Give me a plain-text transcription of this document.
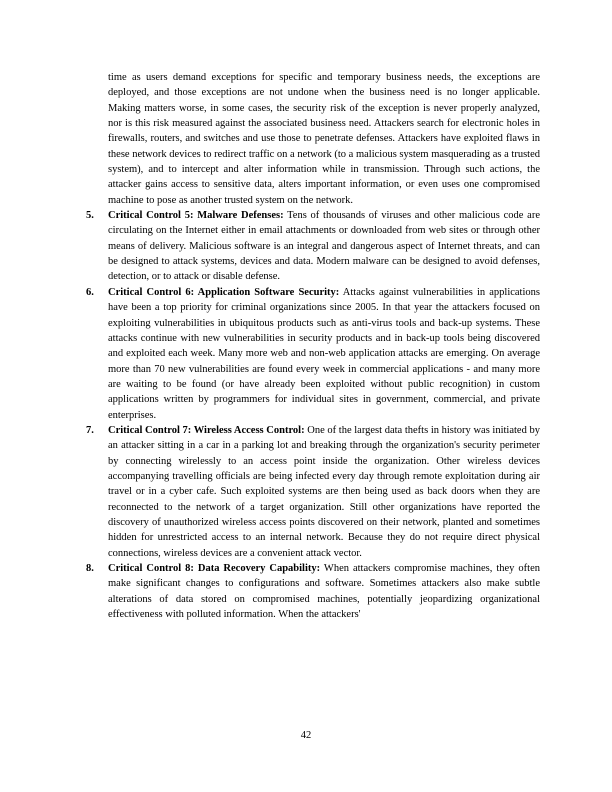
time as users demand exceptions for specific and temporary business needs, the exceptions are deployed, and those exceptions are not undone when the business need is no longer applicable. Making matters worse, in some cases, the security risk of the exception is never properly analyzed, nor is this risk measured against the associated business need. Attackers search for electronic holes in firewalls, routers, and switches and use those to penetrate defenses. Attackers have exploited flaws in these network devices to redirect traffic on a network (to a malicious system masquerading as a trusted system), and to intercept and alter information while in transmission. Through such actions, the attacker gains access to sensitive data, alters important information, or even uses one compromised machine to pose as another trusted system on the network.

5. Critical Control 5: Malware Defenses: Tens of thousands of viruses and other malicious code are circulating on the Internet either in email attachments or downloaded from web sites or through other means of delivery. Malicious software is an integral and dangerous aspect of Internet threats, and can be designed to attack systems, devices and data. Modern malware can be designed to avoid defenses, detection, or to attack or disable defense.
6. Critical Control 6: Application Software Security: Attacks against vulnerabilities in applications have been a top priority for criminal organizations since 2005. In that year the attackers focused on exploiting vulnerabilities in ubiquitous products such as anti-virus tools and back-up systems. These attacks continue with new vulnerabilities in security products and in back-up tools being discovered and exploited each week. Many more web and non-web application attacks are emerging. On average more than 70 new vulnerabilities are found every week in commercial applications - and many more are waiting to be found (or have already been exploited without public recognition) in custom applications written by programmers for individual sites in government, commercial, and private enterprises.
7. Critical Control 7: Wireless Access Control: One of the largest data thefts in history was initiated by an attacker sitting in a car in a parking lot and breaking through the organization's security perimeter by connecting wirelessly to an access point inside the organization. Other wireless devices accompanying travelling officials are being infected every day through remote exploitation during air travel or in a cyber cafe. Such exploited systems are then being used as back doors when they are reconnected to the network of a target organization. Still other organizations have reported the discovery of unauthorized wireless access points discovered on their network, planted and sometimes hidden for unrestricted access to an internal network. Because they do not require direct physical connections, wireless devices are a convenient attack vector.
8. Critical Control 8: Data Recovery Capability: When attackers compromise machines, they often make significant changes to configurations and software. Sometimes attackers also make subtle alterations of data stored on compromised machines, potentially jeopardizing organizational effectiveness with polluted information. When the attackers'
42
